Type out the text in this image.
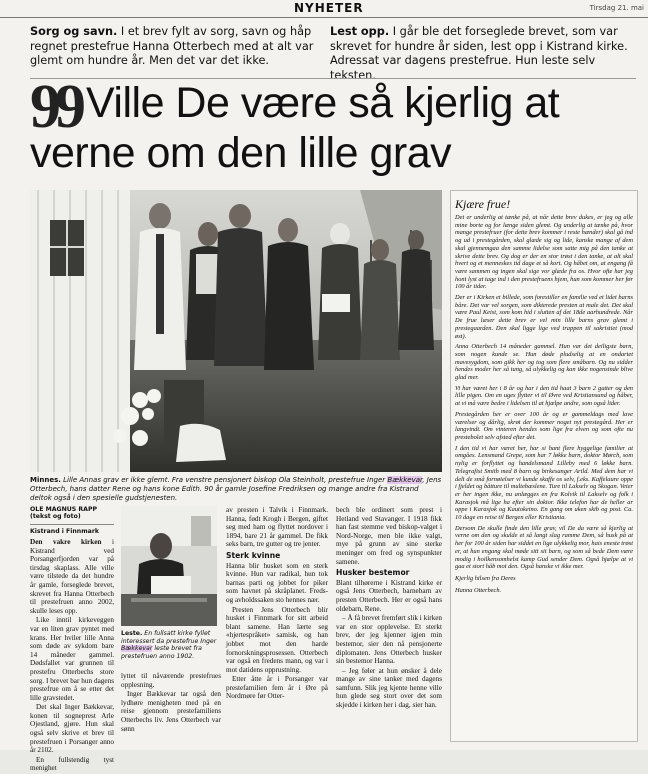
NYHETER	Tirsdag 21. mai
Sorg og savn. I et brev fylt av sorg, savn og håp regnet prestefrue Hanna Otterbech med at alt var glemt om hundre år. Men det var det ikke.
Lest opp. I går ble det forseglede brevet, som var skrevet for hundre år siden, lest opp i Kistrand kirke. Adressat var dagens prestefrue. Hun leste selv teksten.
99 Ville De være så kjerlig at verne om den lille grav
Minnes. Lille Annas grav er ikke glemt. Fra venstre pensjonert biskop Ola Steinholt, prestefrue Inger Bækkevar, Jens Otterbech, hans datter Rene og hans kone Edith. 90 år gamle Josefine Fredriksen og mange andre fra Kistrand deltok også i den spesielle gudstjenesten.
Kjære frue!

Det er underlig at tænke på, at når dette brev dukes, er jeg og alle mine borte og for længe siden glemt. Og underlig at tænke på, hvor mange prestefruer (for dette brev kommer i reste hænder) skal gå ind og ud i prestegården, skal glæde sig og lide, kanske mange af dem skal gjennemgaa den samme lidelse som satte mig på den tanke at skrive dette brev. Og dog er der en stor trøst i den tanke, at alt skal hvert og et menneskes tid dage et så kort. Og håbet om, at engang få være sammen og ingen skal sige vor glæde fra os. Hvor ofte har jeg hont lyst at tage ind i den prestefruens hjem, hun som kommer her før 100 år tider.

Der er i Kirken et billede, som forestiller en familie ved et lidet barns båre. Det var vel sorgen, som dikterede presten at male det. Det skal være Paul Keist, som kom hid i slutten af det 18de aarhundrede. Når De frue læser dette brev er vel min lille barns grav glemt i prestegaarden. Den skal ligge lige ved trappen til sakristiet (mod øst).

Anna Otterbech 14 måneder gammel. Hun var det deiligste barn, som nogen kunde se. Hun døde pludselig at en ondartet mavesygdom, som gikk her og tog som flere småbarn. Og nu sidder hendes moder her så tung, så ulykkelig og kan ikke nogensinde blive glad mer.

Vi har været her i 8 år og har i den tid haat 3 barn 2 gutter og den lille pigen. Om en uges flytter vi til Øvre ved Kristiansund og håber, at vi må være bedre i lidelsen til at hjælpe andre, som også lider.

Prestegården her er over 100 år og er gammeldags med lave værelser og dårlig, skrøt der kommer noget nyt prestegård. Her er langvindt. Om vinteren hendes som lige fra elven og som ofte nu prestebolet selv afsted efter det.

I den tid vi har været her, har si hant flere hyggelige familier at omgåes. Lensmand Grepe, som har 7 løkke barn, doktor Mørch, som nylig er forflyttet og handelsmand Lilleby med 6 løkke barn. Telegrafist Smith med 8 barn og birkesanger Arild. Med dem har vi delt de små fornøielser vi kunde skaffe os selv, f.eks. Kaffelaure oppe i fjeldet og båtture til multebæslene. Ture til Lakselv og Skogan. Veier er her ingen ikke, nu anlægges en fra Kolvik til Lakselv og folk i Karasjok må lige ha efter sin doktor. Ikke telefon har de heller ar oppe i Karasjok og Kautokeino. En gang om uken skib og post. Ca. 10 dage en reise til Bergen eller Kristiania.

Dersom De skulle finde den lille grav, vil De da være så kjerlig at verne om den og skulde et så langt slag ramme Dem, så husk på at her for 100 år siden har siddet en lige ulykkelig mor, hais eneste trøst er, at hun engang skal møde sitt sit barn, og som så bede Dem være modig i hoilkensomhelst kamp Gud sender Dem. Også hjælpe at vi gaa et stort håb mot den. Også hanske vi ikke mer.

Kjerlig hilsen fra Deres
Hanna Otterbech.
OLE MAGNUS RAPP
(tekst og foto)
Kistrand i Finnmark

Den vakre kirken i Kistrand ved Porsangerfjorden var på tirsdag skaplass. Alle ville være tilstede da det hundre år gamle, forseglede brevet, skrevet fra Hanna Otterbech til prestefruen anno 2002, skulle leses opp.

Like inntil kirkeveggen var en liten grav pyntet med krans. Her hviler lille Anna som døde av sykdom bare 14 måneder gammel. Dødsfallet var grunnen til prestefru Otterbechs store sorg. I brevet bar hun dagens prestefrue om å se etter det lille gravstedet.

Det skal Inger Bækkevar, konen til sogneprest Arle Ojestland, gjøre. Hun skal også selv skrive et brev til prestefruen i Porsanger anno år 2102.

En fullstendig tyst menighet

Leste. En fullsatt kirke fyllet interessert da prestefrue Inger Bækkevar leste brevet fra prestefruen anno 1902.

lyttet til nåværende prestefrues opplesning.

Inger Bækkevar tar også den lydhøre menigheten med på en reise gjennom prestefamiliens Otterbechs liv. Jens Otterbech var sønn

av presten i Talvik i Finnmark. Hanna, født Krogh i Bergen, giftet seg med ham og flyttet nordover i 1894, bare 21 år gammel. De fikk seks barn, tre gutter og tre jenter.

Sterk kvinne

Hanna blir husket som en sterk kvinne. Hun var radikal, hun tok barnas parti og jobbet for piker som havnet på skråplanet. Freds- og avholdssaken sto hennes nær.

Presten Jens Otterbech blir husket i Finnmark for sitt arbeid blant samene. Han lærte seg «hjertespråket» samisk, og han jobbet mot den harde fornorskningsprosessen. Otterbech var også en fredens mann, og var i mot datidens opprustning.

Etter åtte år i Porsanger var prestefamilien fem år i Øre på Nordmøre før Otter-

bech ble ordinert som prest i Hetland ved Stavanger. I 1918 fikk han fast stemme ved biskop-valget i Nord-Norge, men ble ikke valgt, mye på grunn av sine sterke meninger om fred og synspunkter samene.

Husker bestemor

Blant tilhørerne i Kistrand kirke er også Jens Otterbech, barnebarn av presten Otterbech. Her er også hans oldebarn, Rene.

– Å få brevet fremført slik i kirken var en stor opplevelse. Et sterkt brev, der jeg kjenner igjen min bestemor, sier den nå pensjonerte diplomaten. Jens Otterbech husker sin bestemor Hanna.

– Jeg føler at hun ønsker å dele mange av sine tanker med dagens samfunn. Slik jeg kjente henne ville hun glede seg stort over det som skjedde i kirken her i dag, sier han.
